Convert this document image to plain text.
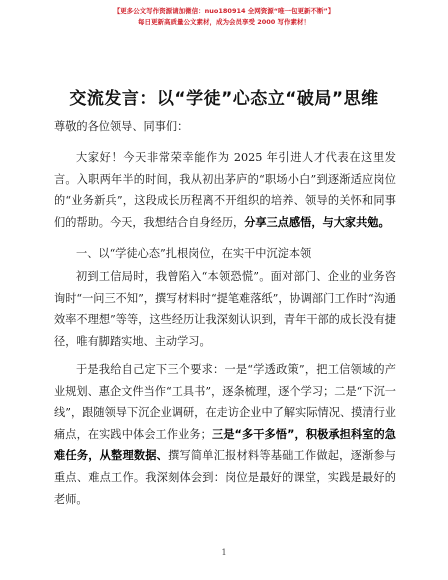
【更多公文写作资源请加微信：nuo180914 全网资源“唯一包更新不断”】
每日更新高质量公文素材，成为会员享受 2000 写作素材！
交流发言：以“学徒”心态立“破局”思维
尊敬的各位领导、同事们：
大家好！今天非常荣幸能作为 2025 年引进人才代表在这里发言。入职两年半的时间，我从初出茅庐的“职场小白”到逐渐适应岗位的“业务新兵”，这段成长历程离不开组织的培养、领导的关怀和同事们的帮助。今天，我想结合自身经历，分享三点感悟，与大家共勉。
一、以“学徒心态”扎根岗位，在实干中沉淀本领
初到工信局时，我曾陷入“本领恐慌”。面对部门、企业的业务咨询时“一问三不知”，撰写材料时“提笔难落纸”，协调部门工作时“沟通效率不理想”等等，这些经历让我深刻认识到，青年干部的成长没有捷径，唯有脚踏实地、主动学习。
于是我给自己定下三个要求：一是“学透政策”，把工信领域的产业规划、惠企文件当作“工具书”，逐条梳理，逐个学习；二是“下沉一线”，跟随领导下沉企业调研，在走访企业中了解实际情况、摸清行业痛点，在实践中体会工作业务；三是“多干多悟”，积极承担科室的急难任务，从整理数据、撰写简单汇报材料等基础工作做起，逐渐参与重点、难点工作。我深刻体会到：岗位是最好的课堂，实践是最好的老师。
1
